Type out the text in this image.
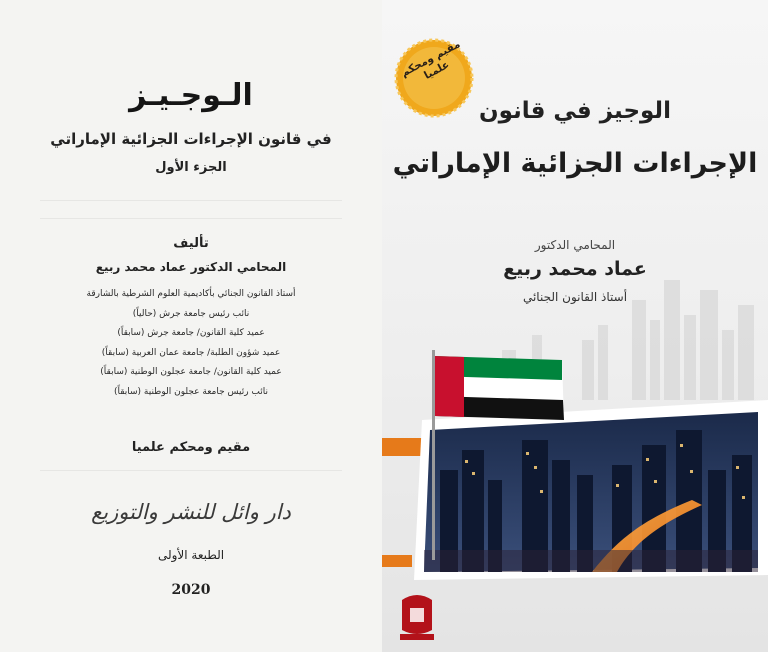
الـوجـيـز
في قانون الإجراءات الجزائية الإماراتي
الجزء الأول
تأليف
المحامي الدكتور عماد محمد ربيع
أستاذ القانون الجنائي بأكاديمية العلوم الشرطية بالشارقة
نائب رئيس جامعة جرش (حالياً)
عميد كلية القانون/ جامعة جرش (سابقاً)
عميد شؤون الطلبة/ جامعة عمان العربية (سابقاً)
عميد كلية القانون/ جامعة عجلون الوطنية (سابقاً)
نائب رئيس جامعة عجلون الوطنية (سابقاً)
مقيم ومحكم علميا
دار وائل للنشر والتوزيع
الطبعة الأولى
2020
الوجيز في قانون
الإجراءات الجزائية الإماراتي
المحامي الدكتور
عماد محمد ربيع
أستاذ القانون الجنائي
مقيم ومحكم علميا
